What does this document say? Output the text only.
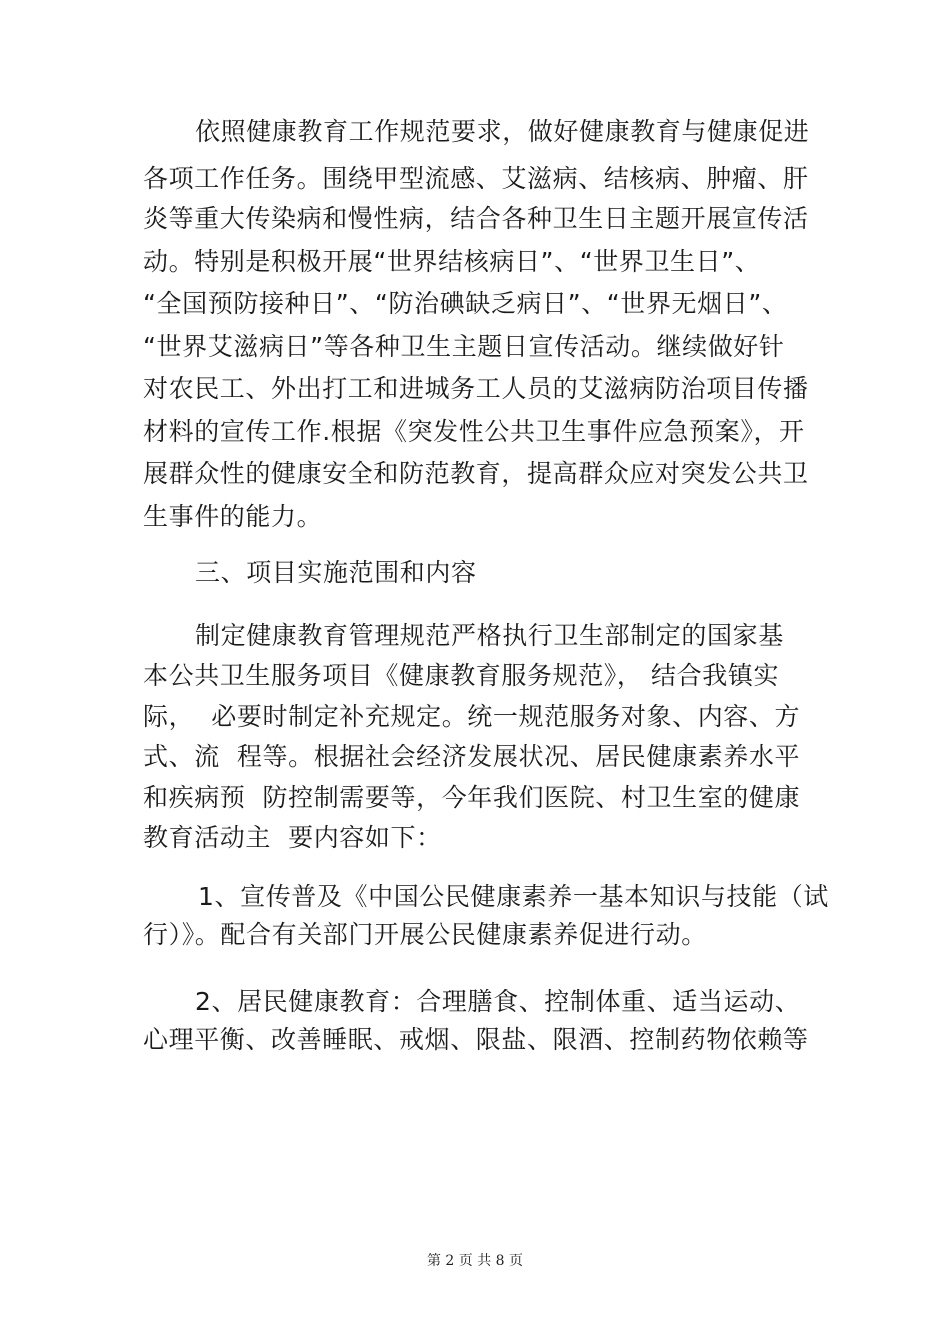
依照健康教育工作规范要求，做好健康教育与健康促进
各项工作任务。围绕甲型流感、艾滋病、结核病、肿瘤、肝
炎等重大传染病和慢性病，结合各种卫生日主题开展宣传活
动。特别是积极开展“世界结核病日”、“世界卫生日”、
“全国预防接种日”、“防治碘缺乏病日”、“世界无烟日”、
“世界艾滋病日”等各种卫生主题日宣传活动。继续做好针
对农民工、外出打工和进城务工人员的艾滋病防治项目传播
材料的宣传工作.根据《突发性公共卫生事件应急预案》，开
展群众性的健康安全和防范教育，提高群众应对突发公共卫
生事件的能力。
三、项目实施范围和内容
制定健康教育管理规范严格执行卫生部制定的国家基
本公共卫生服务项目《健康教育服务规范》， 结合我镇实
际，  必要时制定补充规定。统一规范服务对象、内容、方
式、流  程等。根据社会经济发展状况、居民健康素养水平
和疾病预  防控制需要等，今年我们医院、村卫生室的健康
教育活动主  要内容如下：
1、宣传普及《中国公民健康素养一基本知识与技能（试
行）》。配合有关部门开展公民健康素养促进行动。
2、居民健康教育：合理膳食、控制体重、适当运动、
心理平衡、改善睡眠、戒烟、限盐、限酒、控制药物依赖等
第 2 页 共 8 页
